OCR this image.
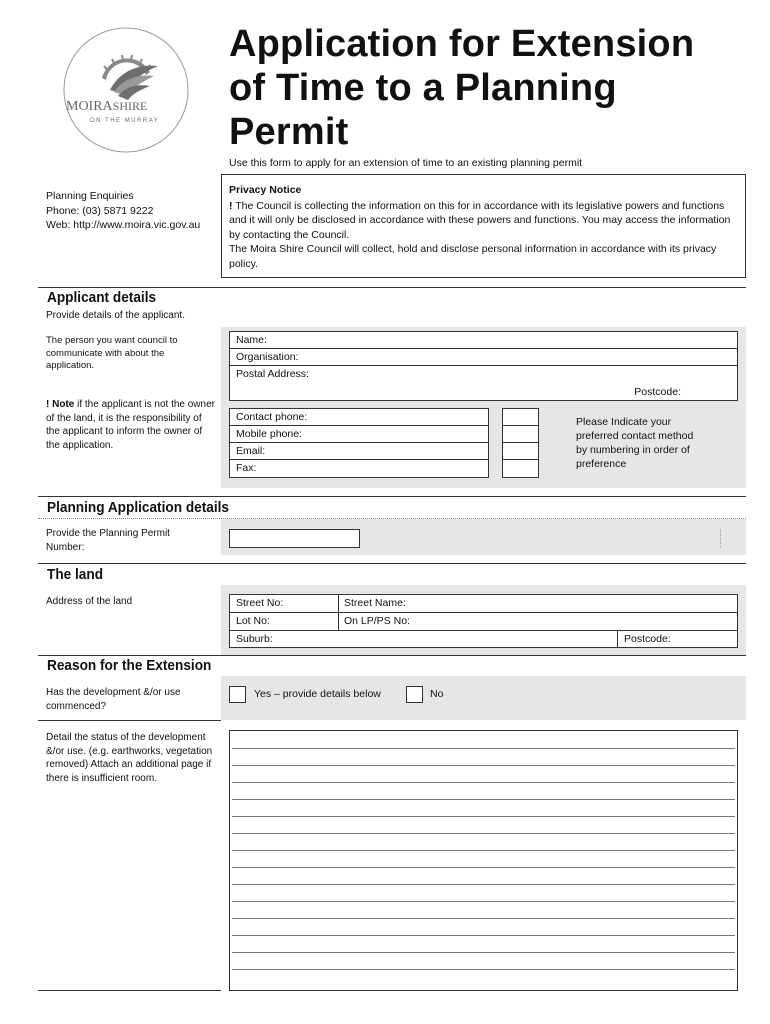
MOIRASHIRE
ON THE MURRAY
Application for Extension
of Time to a Planning
Permit
Use this form to apply for an extension of time to an existing planning permit
Planning Enquiries
Phone: (03) 5871 9222
Web: http://www.moira.vic.gov.au
Privacy Notice
! The Council is collecting the information on this for in accordance with its legislative powers and functions and it will only be disclosed in accordance with these powers and functions. You may access the information by contacting the Council.
The Moira Shire Council will collect, hold and disclose personal information in accordance with its privacy policy.
Applicant details
Provide details of the applicant.
The person you want council to communicate with about the application.
! Note if the applicant is not the owner of the land, it is the responsibility of the applicant to inform the owner of the application.
Name:
Organisation:
Postal Address:
Postcode:
Contact phone:
Mobile phone:
Email:
Fax:
Please Indicate your preferred contact method by numbering in order of preference
Planning Application details
Provide the Planning Permit Number:
The land
Address of the land	Street No:	Street Name:
Lot No:	On LP/PS No:
Suburb:	Postcode:
Reason for the Extension
Has the development &/or use commenced?
Yes – provide details below	No
Detail the status of the development &/or use. (e.g. earthworks, vegetation removed) Attach an additional page if there is insufficient room.
